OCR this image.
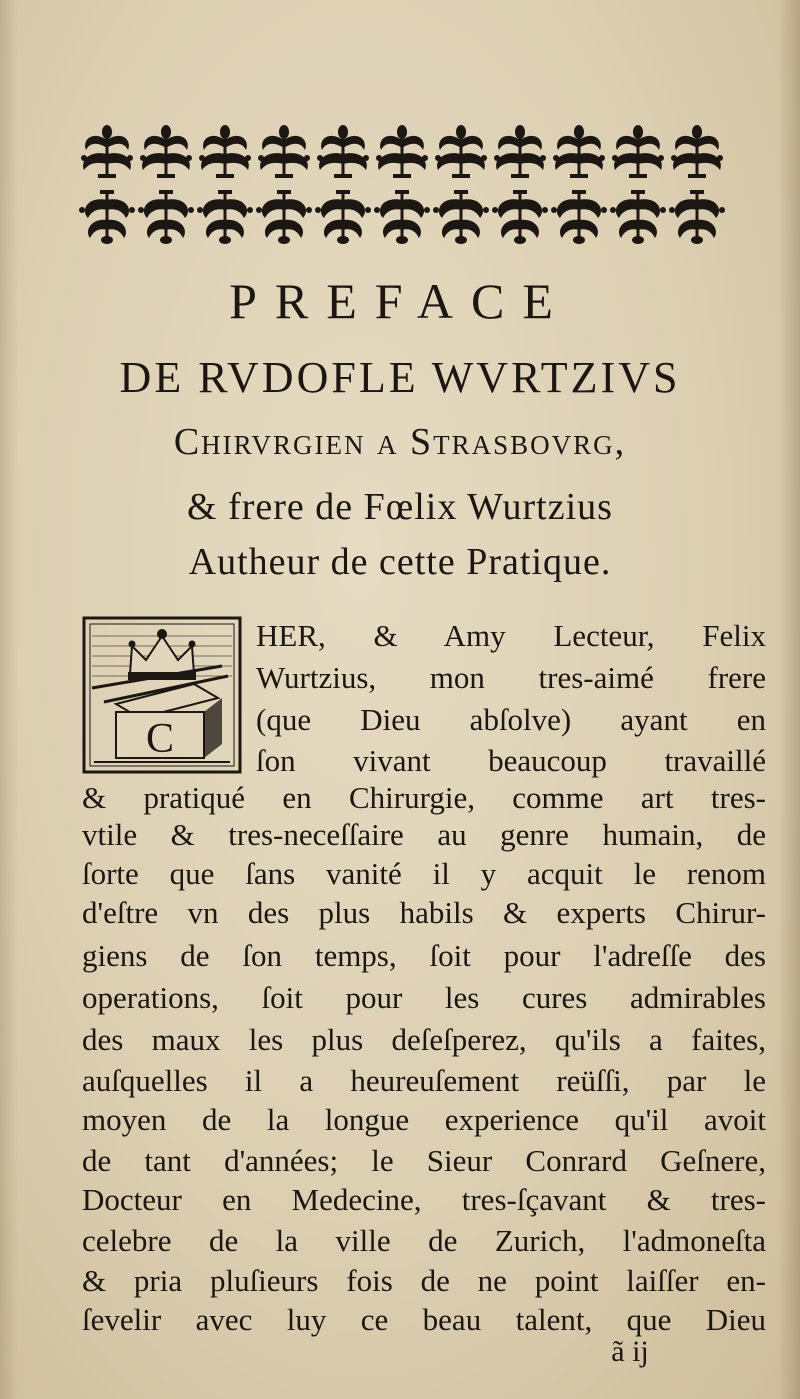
PREFACE
DE RVDOFLE WVRTZIVS
Chirvrgien a Strasbovrg,
& frere de Fœlix Wurtzius
Autheur de cette Pratique.
C

HER, & Amy Lecteur, Felix

Wurtzius, mon tres-aimé frere

(que Dieu abſolve) ayant en

ſon vivant beaucoup travaillé

& pratiqué en Chirurgie, comme art tres-

vtile & tres-neceſſaire au genre humain, de

ſorte que ſans vanité il y acquit le renom

d'eſtre vn des plus habils & experts Chirur-

giens de ſon temps, ſoit pour l'adreſſe des

operations, ſoit pour les cures admirables

des maux les plus deſeſperez, qu'ils a faites,

auſquelles il a heureuſement reüſſi, par le

moyen de la longue experience qu'il avoit

de tant d'années; le Sieur Conrard Geſnere,

Docteur en Medecine, tres-ſçavant & tres-

celebre de la ville de Zurich, l'admoneſta

& pria pluſieurs fois de ne point laiſſer en-

ſevelir avec luy ce beau talent, que Dieu

ã ij
